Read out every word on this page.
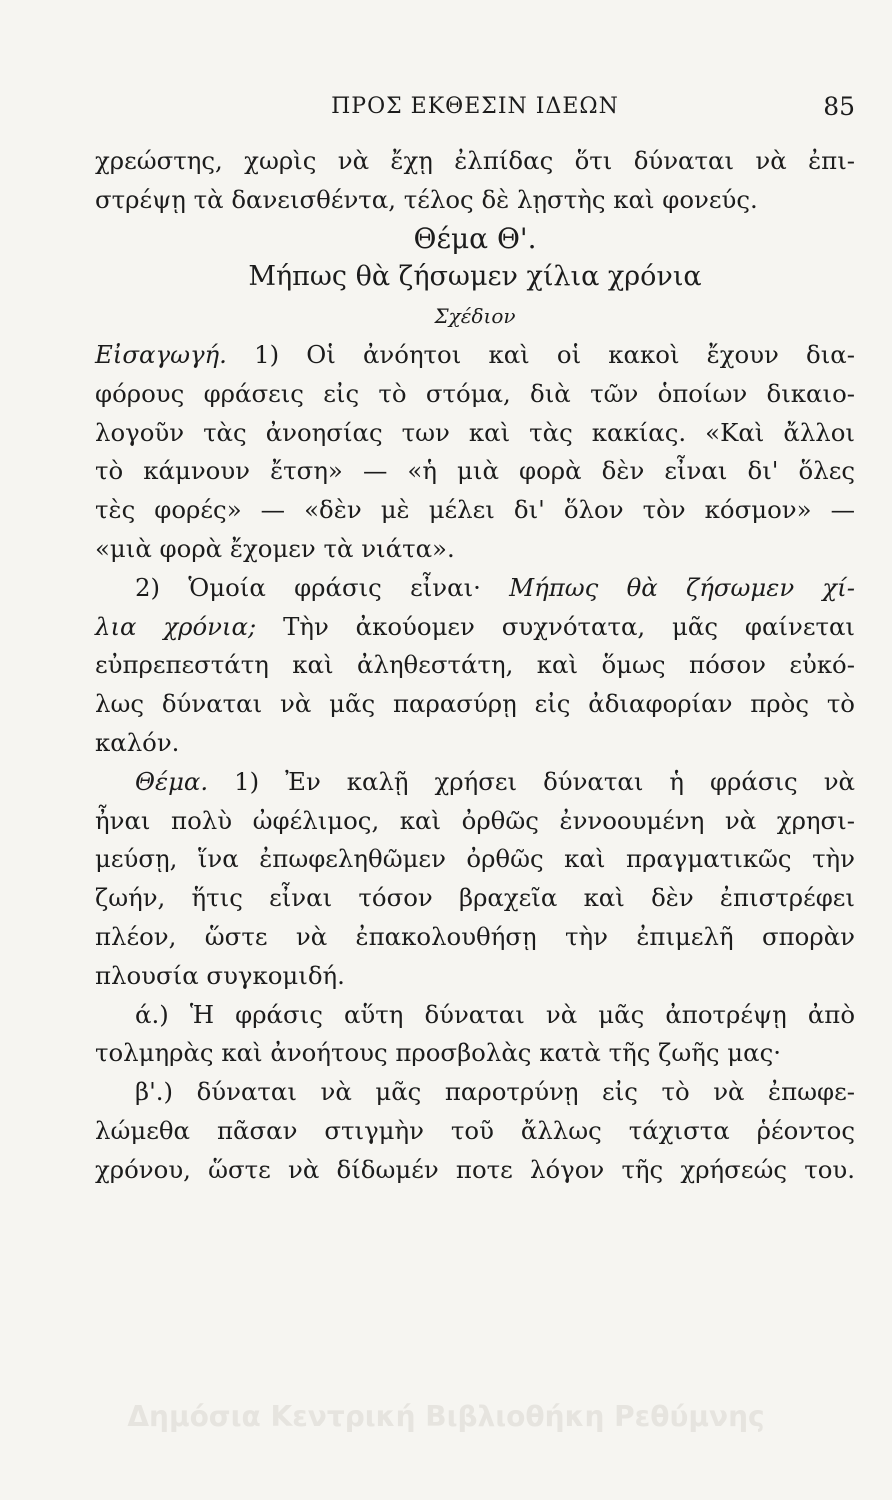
ΠΡΟΣ ΕΚΘΕΣΙΝ ΙΔΕΩΝ	85
χρεώστης, χωρὶς νὰ ἔχῃ ἐλπίδας ὅτι δύναται νὰ ἐπι-
στρέψῃ τὰ δανεισθέντα, τέλος δὲ λῃστὴς καὶ φονεύς.
Θέμα Θ'.
Μήπως θὰ ζήσωμεν χίλια χρόνια
Σχέδιον
Εἰσαγωγή. 1) Οἱ ἀνόητοι καὶ οἱ κακοὶ ἔχουν δια-
φόρους φράσεις εἰς τὸ στόμα, διὰ τῶν ὁποίων δικαιο-
λογοῦν τὰς ἀνοησίας των καὶ τὰς κακίας. «Καὶ ἄλλοι
τὸ κάμνουν ἔτση» — «ἡ μιὰ φορὰ δὲν εἶναι δι' ὅλες
τὲς φορές» — «δὲν μὲ μέλει δι' ὅλον τὸν κόσμον» —
«μιὰ φορὰ ἔχομεν τὰ νιάτα».
2) Ὁμοία φράσις εἶναι· Μήπως θὰ ζήσωμεν χί-
λια χρόνια; Τὴν ἀκούομεν συχνότατα, μᾶς φαίνεται
εὐπρεπεστάτη καὶ ἀληθεστάτη, καὶ ὅμως πόσον εὐκό-
λως δύναται νὰ μᾶς παρασύρῃ εἰς ἀδιαφορίαν πρὸς τὸ
καλόν.
Θέμα. 1) Ἐν καλῇ χρήσει δύναται ἡ φράσις νὰ
ἦναι πολὺ ὠφέλιμος, καὶ ὀρθῶς ἐννοουμένη νὰ χρησι-
μεύσῃ, ἵνα ἐπωφεληθῶμεν ὀρθῶς καὶ πραγματικῶς τὴν
ζωήν, ἥτις εἶναι τόσον βραχεῖα καὶ δὲν ἐπιστρέφει
πλέον, ὥστε νὰ ἐπακολουθήσῃ τὴν ἐπιμελῆ σπορὰν
πλουσία συγκομιδή.
ά.) Ἡ φράσις αὕτη δύναται νὰ μᾶς ἀποτρέψῃ ἀπὸ
τολμηρὰς καὶ ἀνοήτους προσβολὰς κατὰ τῆς ζωῆς μας·
β'.) δύναται νὰ μᾶς παροτρύνῃ εἰς τὸ νὰ ἐπωφε-
λώμεθα πᾶσαν στιγμὴν τοῦ ἄλλως τάχιστα ῥέοντος
χρόνου, ὥστε νὰ δίδωμέν ποτε λόγον τῆς χρήσεώς του.
Δημόσια Κεντρική Βιβλιοθήκη Ρεθύμνης
